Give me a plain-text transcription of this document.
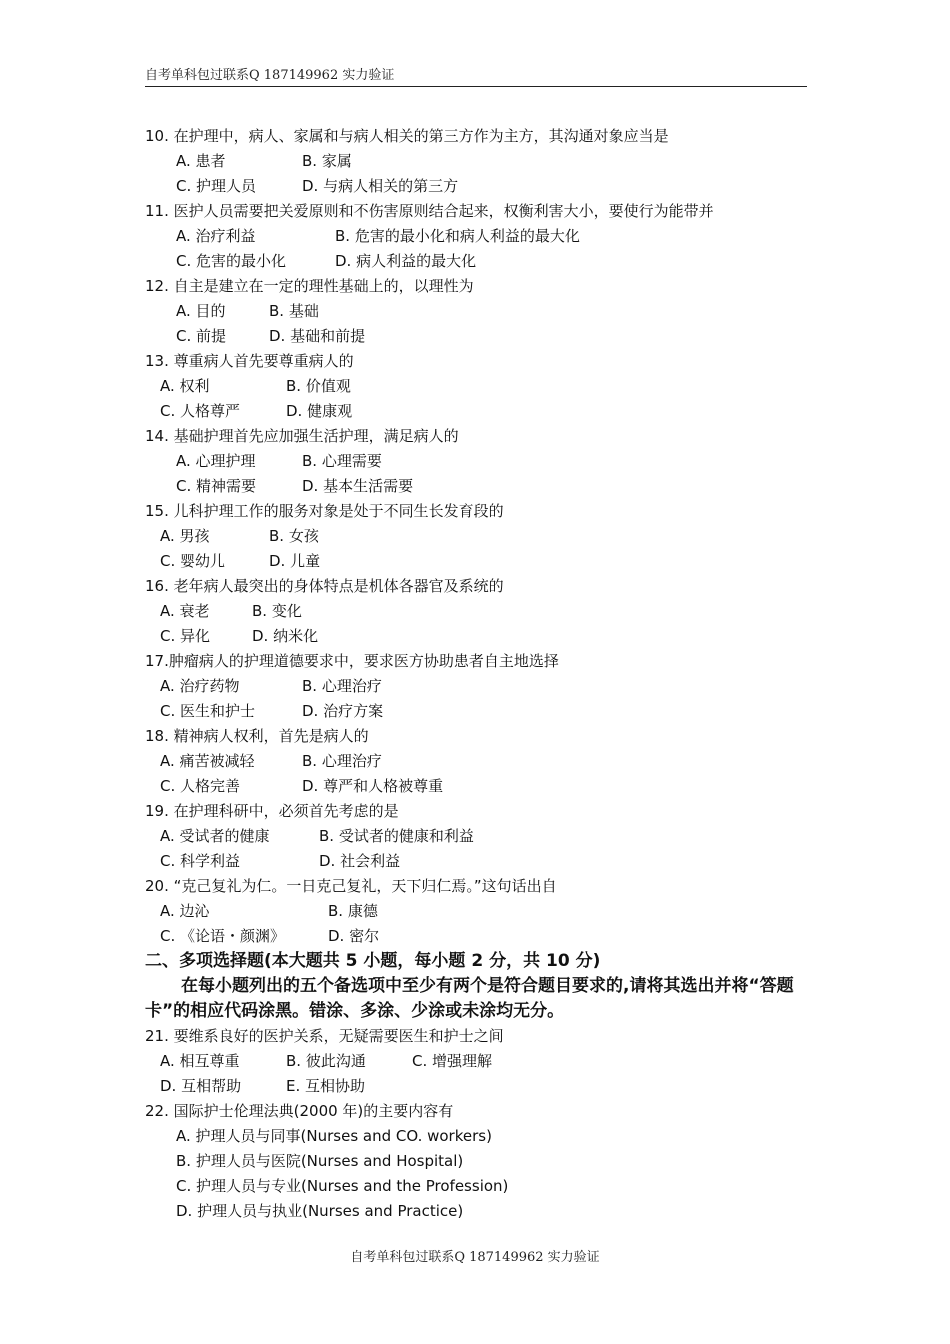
自考单科包过联系Q 187149962 实力验证
10. 在护理中，病人、家属和与病人相关的第三方作为主方，其沟通对象应当是
A. 患者	B. 家属
C. 护理人员	D. 与病人相关的第三方
11. 医护人员需要把关爱原则和不伤害原则结合起来，权衡利害大小，要使行为能带并
A. 治疗利益	B. 危害的最小化和病人利益的最大化
C. 危害的最小化	D. 病人利益的最大化
12. 自主是建立在一定的理性基础上的，以理性为
A. 目的	B. 基础
C. 前提	D. 基础和前提
13. 尊重病人首先要尊重病人的
A. 权利	B. 价值观
C. 人格尊严	D. 健康观
14. 基础护理首先应加强生活护理，满足病人的
A. 心理护理	B. 心理需要
C. 精神需要	D. 基本生活需要
15. 儿科护理工作的服务对象是处于不同生长发育段的
A. 男孩	B. 女孩
C. 婴幼儿	D. 儿童
16. 老年病人最突出的身体特点是机体各器官及系统的
A. 衰老	B. 变化
C. 异化	D. 纳米化
17.肿瘤病人的护理道德要求中，要求医方协助患者自主地选择
A. 治疗药物	B. 心理治疗
C. 医生和护士	D. 治疗方案
18. 精神病人权利，首先是病人的
A. 痛苦被减轻	B. 心理治疗
C. 人格完善	D. 尊严和人格被尊重
19. 在护理科研中，必须首先考虑的是
A. 受试者的健康	B. 受试者的健康和利益
C. 科学利益	D. 社会利益
20. “克己复礼为仁。一日克己复礼，天下归仁焉。”这句话出自
A. 边沁	B. 康德
C. 《论语・颜渊》	D. 密尔
二、多项选择题(本大题共 5 小题，每小题 2 分，共 10 分)
在每小题列出的五个备选项中至少有两个是符合题目要求的,请将其选出并将“答题卡”的相应代码涂黑。错涂、多涂、少涂或未涂均无分。
21. 要维系良好的医护关系，无疑需要医生和护士之间
A. 相互尊重	B. 彼此沟通	C. 增强理解
D. 互相帮助	E. 互相协助
22. 国际护士伦理法典(2000 年)的主要内容有
A. 护理人员与同事(Nurses and CO. workers)
B. 护理人员与医院(Nurses and Hospital)
C. 护理人员与专业(Nurses and the Profession)
D. 护理人员与执业(Nurses and Practice)
自考单科包过联系Q 187149962 实力验证
